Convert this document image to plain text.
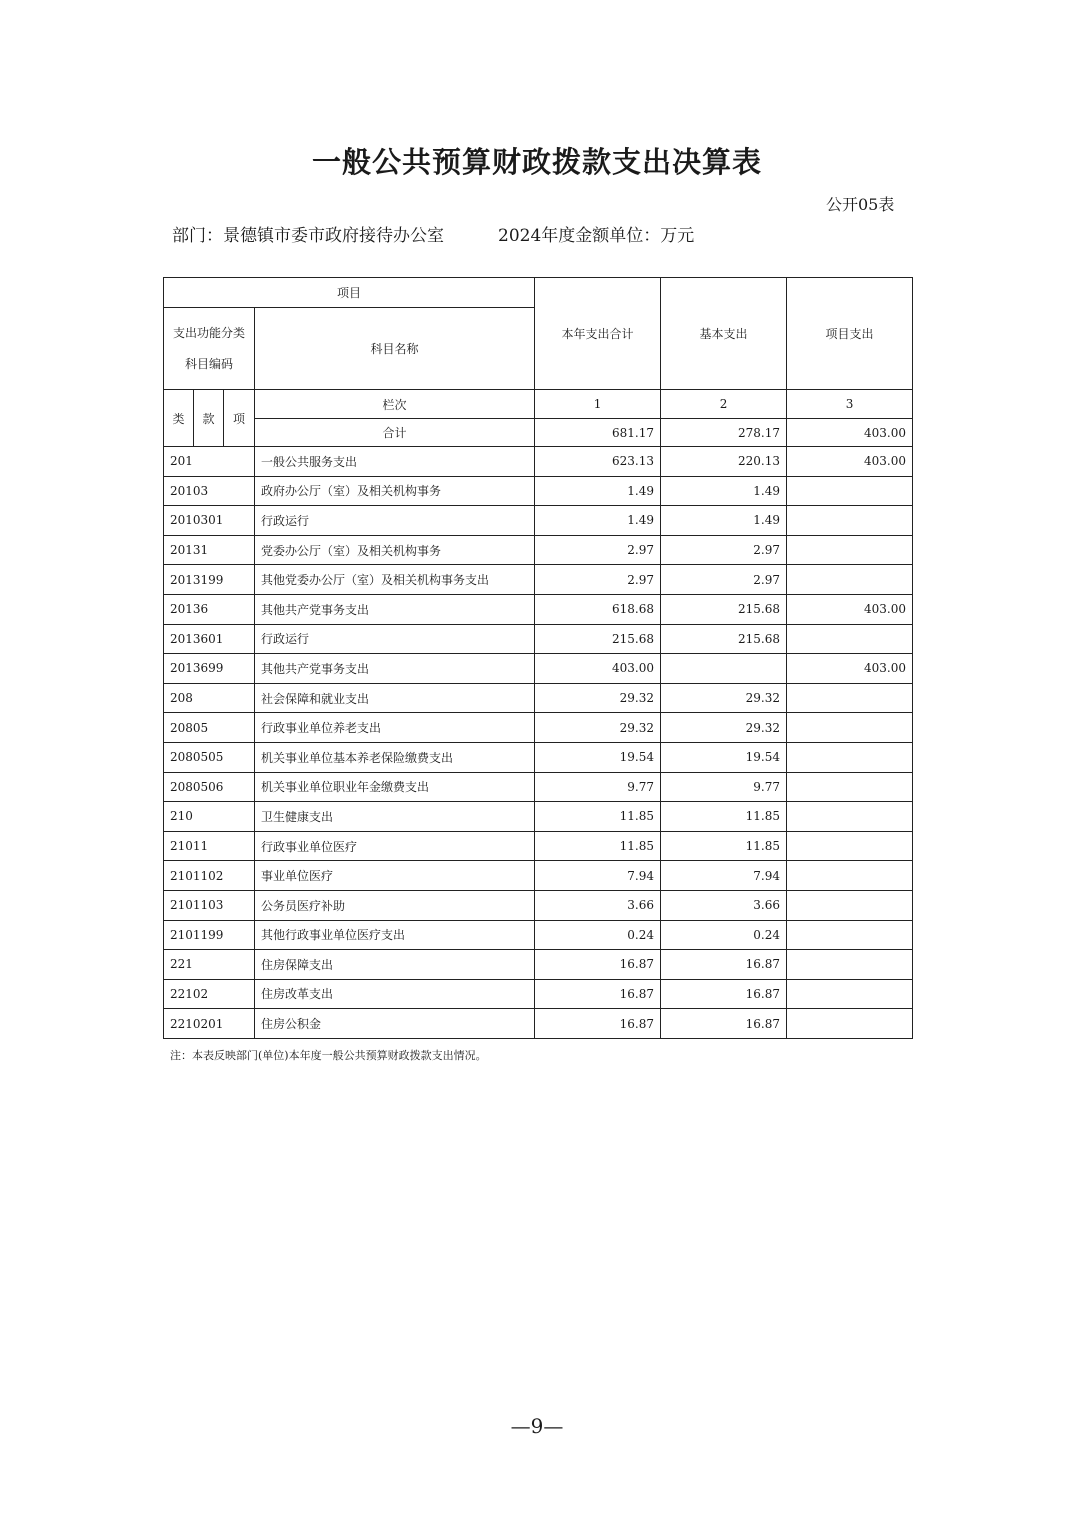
一般公共预算财政拨款支出决算表
公开05表
部门：景德镇市委市政府接待办公室	2024年度金额单位：万元
项目				本年支出合计	基本支出	项目支出

支出功能分类
科目编码			科目名称			
类	款	项	栏次	1	2	3
			合计	681.17	278.17	403.00
201			一般公共服务支出	623.13	220.13	403.00
20103			政府办公厅（室）及相关机构事务	1.49	1.49	
2010301			行政运行	1.49	1.49	
20131			党委办公厅（室）及相关机构事务	2.97	2.97	
2013199			其他党委办公厅（室）及相关机构事务支出	2.97	2.97	
20136			其他共产党事务支出	618.68	215.68	403.00
2013601			行政运行	215.68	215.68	
2013699			其他共产党事务支出	403.00		403.00
208			社会保障和就业支出	29.32	29.32	
20805			行政事业单位养老支出	29.32	29.32	
2080505			机关事业单位基本养老保险缴费支出	19.54	19.54	
2080506			机关事业单位职业年金缴费支出	9.77	9.77	
210			卫生健康支出	11.85	11.85	
21011			行政事业单位医疗	11.85	11.85	
2101102			事业单位医疗	7.94	7.94	
2101103			公务员医疗补助	3.66	3.66	
2101199			其他行政事业单位医疗支出	0.24	0.24	
221			住房保障支出	16.87	16.87	
22102			住房改革支出	16.87	16.87	
2210201			住房公积金	16.87	16.87	
注：本表反映部门(单位)本年度一般公共预算财政拨款支出情况。
—9—
